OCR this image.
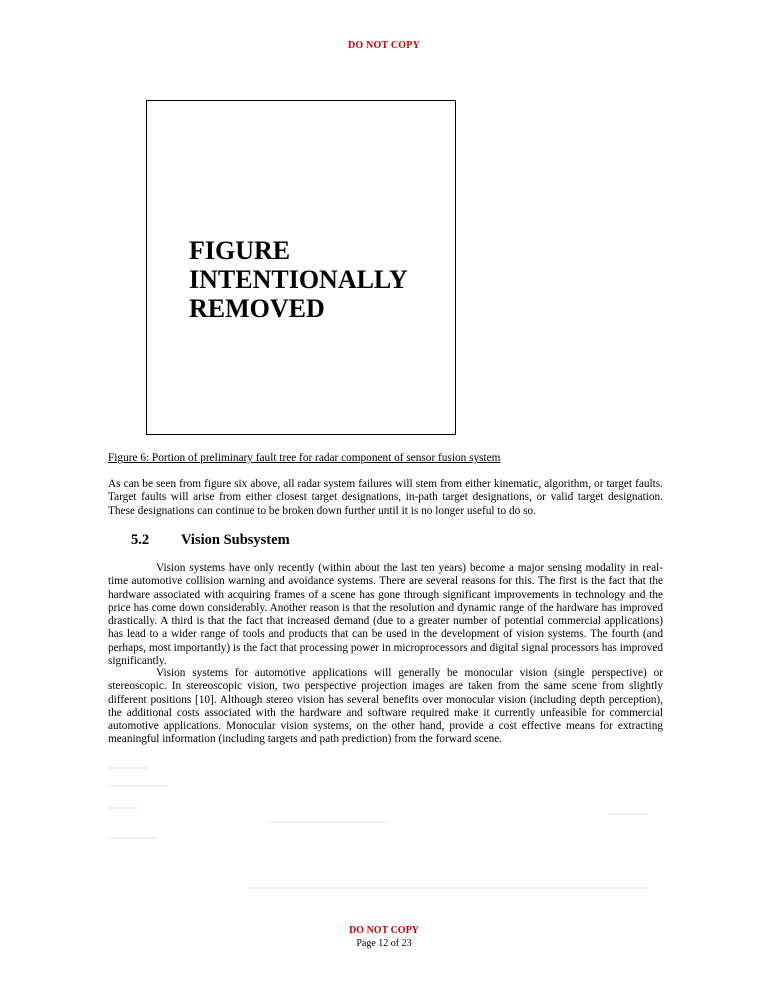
DO NOT COPY
FIGURE
INTENTIONALLY
REMOVED
Figure 6: Portion of preliminary fault tree for radar component of sensor fusion system
As can be seen from figure six above, all radar system failures will stem from either kinematic, algorithm, or target faults. Target faults will arise from either closest target designations, in-path target designations, or valid target designation. These designations can continue to be broken down further until it is no longer useful to do so.
5.2 Vision Subsystem
Vision systems have only recently (within about the last ten years) become a major sensing modality in real-time automotive collision warning and avoidance systems. There are several reasons for this. The first is the fact that the hardware associated with acquiring frames of a scene has gone through significant improvements in technology and the price has come down considerably. Another reason is that the resolution and dynamic range of the hardware has improved drastically. A third is that the fact that increased demand (due to a greater number of potential commercial applications) has lead to a wider range of tools and products that can be used in the development of vision systems. The fourth (and perhaps, most importantly) is the fact that processing power in microprocessors and digital signal processors has improved significantly.
Vision systems for automotive applications will generally be monocular vision (single perspective) or stereoscopic. In stereoscopic vision, two perspective projection images are taken from the same scene from slightly different positions [10]. Although stereo vision has several benefits over monocular vision (including depth perception), the additional costs associated with the hardware and software required make it currently unfeasible for commercial automotive applications. Monocular vision systems, on the other hand, provide a cost effective means for extracting meaningful information (including targets and path prediction) from the forward scene.
DO NOT COPY
Page 12 of 23
